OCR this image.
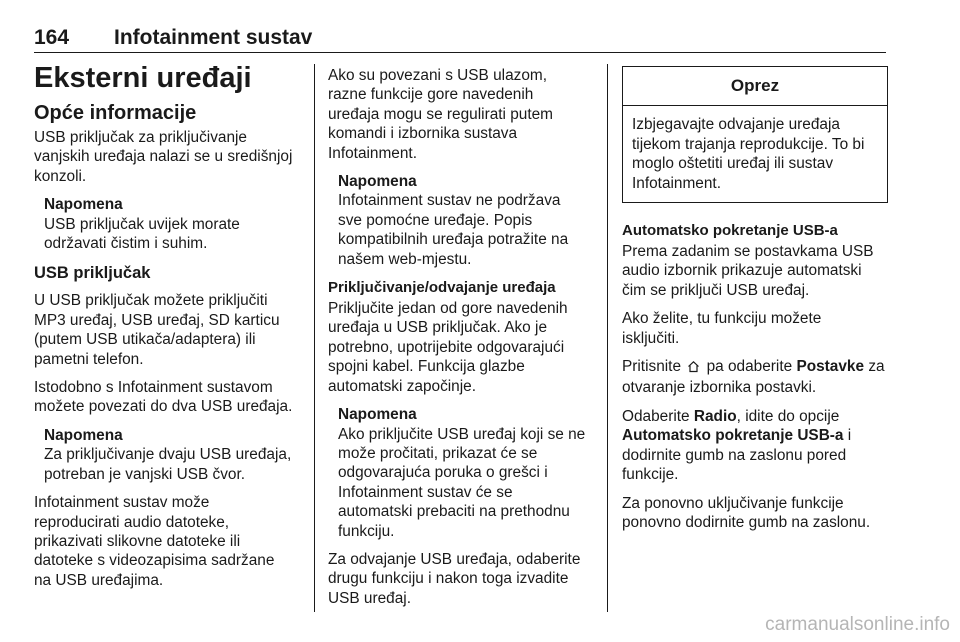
164 Infotainment sustav
Eksterni uređaji
Opće informacije

USB priključak za priključivanje
vanjskih uređaja nalazi se u središnjoj
konzoli.

Napomena
USB priključak uvijek morate
održavati čistim i suhim.
USB priključak

U USB priključak možete priključiti
MP3 uređaj, USB uređaj, SD karticu
(putem USB utikača/adaptera) ili
pametni telefon.

Istodobno s Infotainment sustavom
možete povezati do dva USB uređaja.

Napomena
Za priključivanje dvaju USB uređaja,
potreban je vanjski USB čvor.

Infotainment sustav može
reproducirati audio datoteke,
prikazivati slikovne datoteke ili
datoteke s videozapisima sadržane
na USB uređajima.

Ako su povezani s USB ulazom,
razne funkcije gore navedenih
uređaja mogu se regulirati putem
komandi i izbornika sustava
Infotainment.

Napomena
Infotainment sustav ne podržava
sve pomoćne uređaje. Popis
kompatibilnih uređaja potražite na
našem web-mjestu.
Priključivanje/odvajanje uređaja

Priključite jedan od gore navedenih
uređaja u USB priključak. Ako je
potrebno, upotrijebite odgovarajući
spojni kabel. Funkcija glazbe
automatski započinje.

Napomena
Ako priključite USB uređaj koji se ne
može pročitati, prikazat će se
odgovarajuća poruka o grešci i
Infotainment sustav će se
automatski prebaciti na prethodnu
funkciju.

Za odvajanje USB uređaja, odaberite
drugu funkciju i nakon toga izvadite
USB uređaj.

Oprez
Izbjegavajte odvajanje uređaja
tijekom trajanja reprodukcije. To bi
moglo oštetiti uređaj ili sustav
Infotainment.
Automatsko pokretanje USB-a

Prema zadanim se postavkama USB
audio izbornik prikazuje automatski
čim se priključi USB uređaj.

Ako želite, tu funkciju možete
isključiti.

Pritisnite pa odaberite Postavke za
otvaranje izbornika postavki.

Odaberite Radio, idite do opcije
Automatsko pokretanje USB-a i
dodirnite gumb na zaslonu pored
funkcije.

Za ponovno uključivanje funkcije
ponovno dodirnite gumb na zaslonu.

carmanualsonline.info
